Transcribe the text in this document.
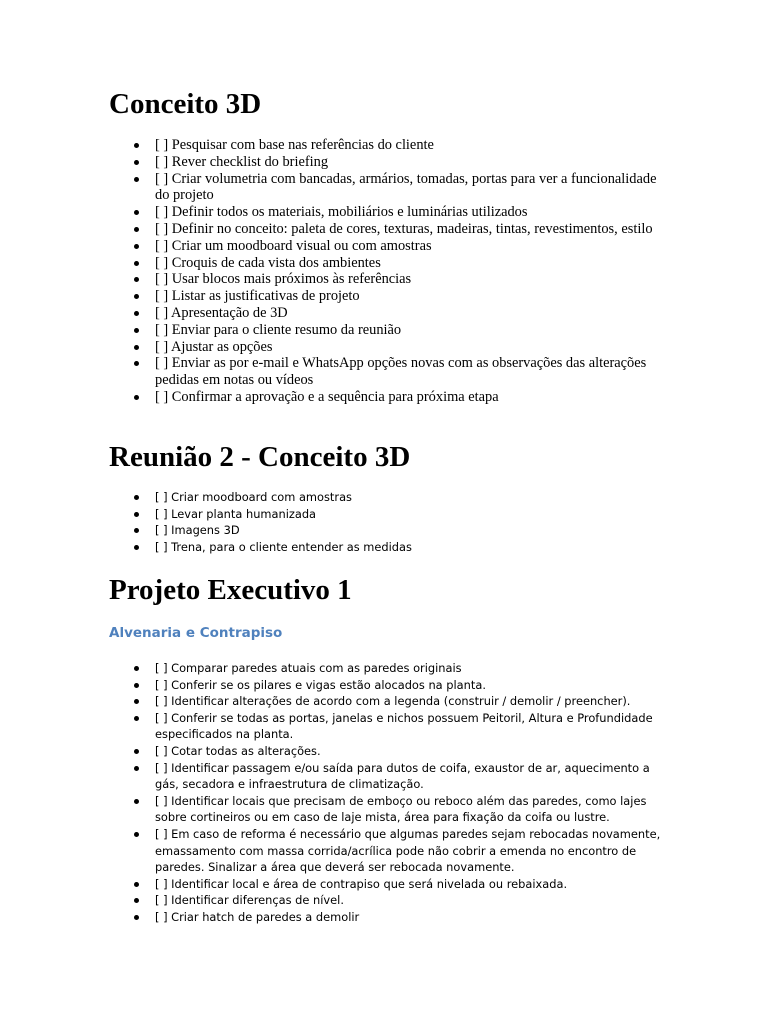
Conceito 3D
[ ] Pesquisar com base nas referências do cliente
[ ] Rever checklist do briefing
[ ] Criar volumetria com bancadas, armários, tomadas, portas para ver a funcionalidade do projeto
[ ] Definir todos os materiais, mobiliários e luminárias utilizados
[ ] Definir no conceito: paleta de cores, texturas, madeiras, tintas, revestimentos, estilo
[ ] Criar um moodboard visual ou com amostras
[ ] Croquis de cada vista dos ambientes
[ ] Usar blocos mais próximos às referências
[ ] Listar as justificativas de projeto
[ ] Apresentação de 3D
[ ] Enviar para o cliente resumo da reunião
[ ] Ajustar as opções
[ ] Enviar as por e-mail e WhatsApp opções novas com as observações das alterações pedidas em notas ou vídeos
[ ] Confirmar a aprovação e a sequência para próxima etapa
Reunião 2 - Conceito 3D
[ ] Criar moodboard com amostras
[ ] Levar planta humanizada
[ ] Imagens 3D
[ ] Trena, para o cliente entender as medidas
Projeto Executivo 1
Alvenaria e Contrapiso
[ ] Comparar paredes atuais com as paredes originais
[ ] Conferir se os pilares e vigas estão alocados na planta.
[ ] Identificar alterações de acordo com a legenda (construir / demolir / preencher).
[ ] Conferir se todas as portas, janelas e nichos possuem Peitoril, Altura e Profundidade especificados na planta.
[ ] Cotar todas as alterações.
[ ] Identificar passagem e/ou saída para dutos de coifa, exaustor de ar, aquecimento a gás, secadora e infraestrutura de climatização.
[ ] Identificar locais que precisam de emboço ou reboco além das paredes, como lajes sobre cortineiros ou em caso de laje mista, área para fixação da coifa ou lustre.
[ ] Em caso de reforma é necessário que algumas paredes sejam rebocadas novamente, emassamento com massa corrida/acrílica pode não cobrir a emenda no encontro de paredes. Sinalizar a área que deverá ser rebocada novamente.
[ ] Identificar local e área de contrapiso que será nivelada ou rebaixada.
[ ] Identificar diferenças de nível.
[ ] Criar hatch de paredes a demolir
